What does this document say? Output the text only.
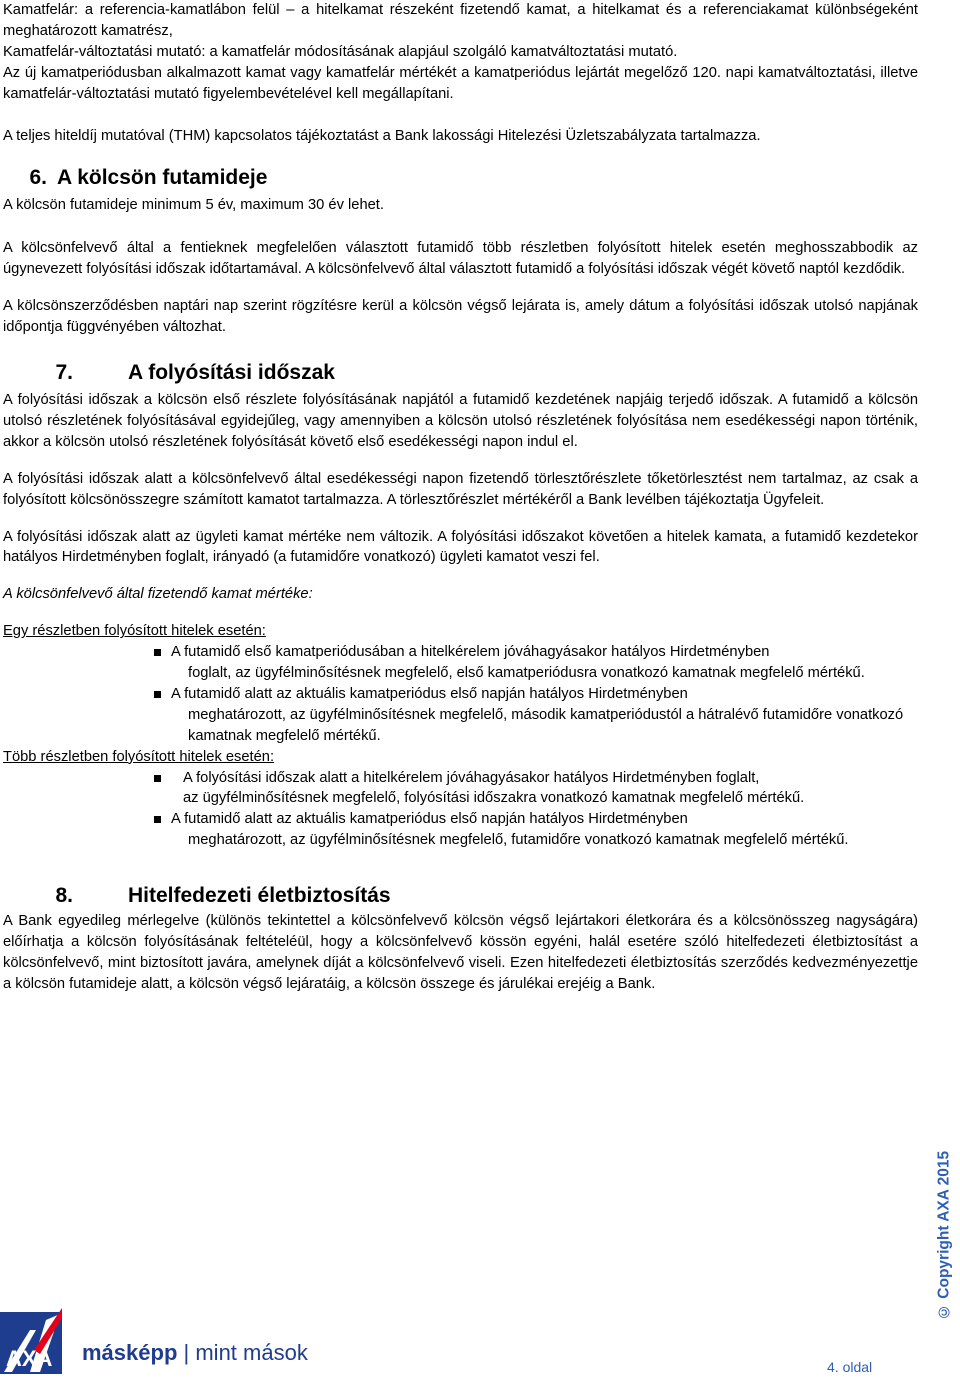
Kamatfelár: a referencia-kamatlábon felül – a hitelkamat részeként fizetendő kamat, a hitelkamat és a referenciakamat különbségeként meghatározott kamatrész,

Kamatfelár-változtatási mutató: a kamatfelár módosításának alapjául szolgáló kamatváltoztatási mutató.

Az új kamatperiódusban alkalmazott kamat vagy kamatfelár mértékét a kamatperiódus lejártát megelőző 120. napi kamatváltoztatási, illetve kamatfelár-változtatási mutató figyelembevételével kell megállapítani.

A teljes hiteldíj mutatóval (THM) kapcsolatos tájékoztatást a Bank lakossági Hitelezési Üzletszabályzata tartalmazza.

6. A kölcsön futamideje

A kölcsön futamideje minimum 5 év, maximum 30 év lehet.

A kölcsönfelvevő által a fentieknek megfelelően választott futamidő több részletben folyósított hitelek esetén meghosszabbodik az úgynevezett folyósítási időszak időtartamával. A kölcsönfelvevő által választott futamidő a folyósítási időszak végét követő naptól kezdődik.

A kölcsönszerződésben naptári nap szerint rögzítésre kerül a kölcsön végső lejárata is, amely dátum a folyósítási időszak utolsó napjának időpontja függvényében változhat.

7.	A folyósítási időszak

A folyósítási időszak a kölcsön első részlete folyósításának napjától a futamidő kezdetének napjáig terjedő időszak. A futamidő a kölcsön utolsó részletének folyósításával egyidejűleg, vagy amennyiben a kölcsön utolsó részletének folyósítása nem esedékességi napon történik, akkor a kölcsön utolsó részletének folyósítását követő első esedékességi napon indul el.

A folyósítási időszak alatt a kölcsönfelvevő által esedékességi napon fizetendő törlesztőrészlete tőketörlesztést nem tartalmaz, az csak a folyósított kölcsönösszegre számított kamatot tartalmazza. A törlesztőrészlet mértékéről a Bank levélben tájékoztatja Ügyfeleit.

A folyósítási időszak alatt az ügyleti kamat mértéke nem változik. A folyósítási időszakot követően a hitelek kamata, a futamidő kezdetekor hatályos Hirdetményben foglalt, irányadó (a futamidőre vonatkozó) ügyleti kamatot veszi fel.

A kölcsönfelvevő által fizetendő kamat mértéke:

Egy részletben folyósított hitelek esetén:

A futamidő első kamatperiódusában a hitelkérelem jóváhagyásakor hatályos Hirdetményben
foglalt, az ügyfélminősítésnek megfelelő, első kamatperiódusra vonatkozó kamatnak megfelelő mértékű.
A futamidő alatt az aktuális kamatperiódus első napján hatályos Hirdetményben
meghatározott, az ügyfélminősítésnek megfelelő, második kamatperiódustól a hátralévő futamidőre vonatkozó kamatnak megfelelő mértékű.

Több részletben folyósított hitelek esetén:

A folyósítási időszak alatt a hitelkérelem jóváhagyásakor hatályos Hirdetményben foglalt,
az ügyfélminősítésnek megfelelő, folyósítási időszakra vonatkozó kamatnak megfelelő mértékű.
A futamidő alatt az aktuális kamatperiódus első napján hatályos Hirdetményben
meghatározott, az ügyfélminősítésnek megfelelő, futamidőre vonatkozó kamatnak megfelelő mértékű.
8.	Hitelfedezeti életbiztosítás

A Bank egyedileg mérlegelve (különös tekintettel a kölcsönfelvevő kölcsön végső lejártakori életkorára és a kölcsönösszeg nagyságára) előírhatja a kölcsön folyósításának feltételéül, hogy a kölcsönfelvevő kössön egyéni, halál esetére szóló hitelfedezeti életbiztosítást a kölcsönfelvevő, mint biztosított javára, amelynek díját a kölcsönfelvevő viseli. Ezen hitelfedezeti életbiztosítás szerződés kedvezményezettje a kölcsön futamideje alatt, a kölcsön végső lejáratáig, a kölcsön összege és járulékai erejéig a Bank.

AXA másképp | mint mások
© Copyright AXA 2015
4. oldal
